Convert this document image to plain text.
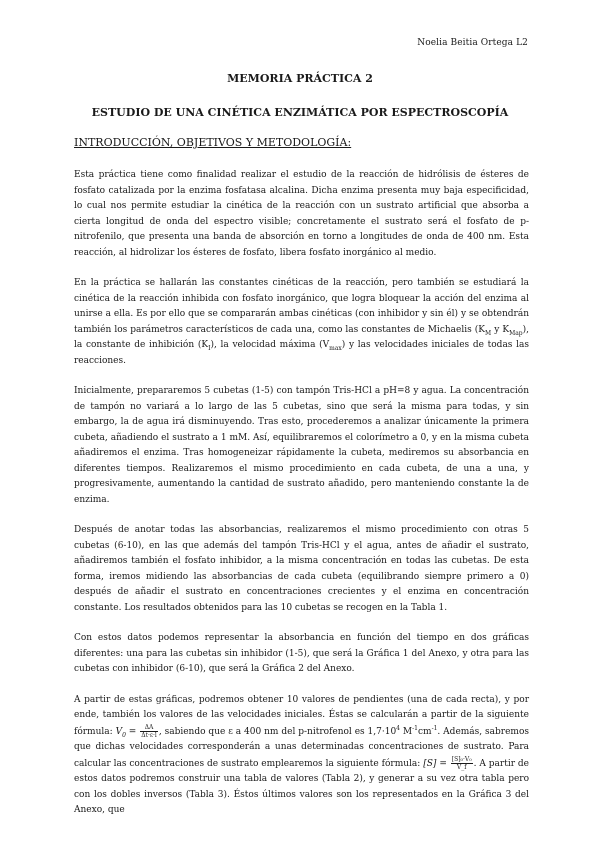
Noelia Beitia Ortega L2
MEMORIA PRÁCTICA 2
ESTUDIO DE UNA CINÉTICA ENZIMÁTICA POR ESPECTROSCOPÍA
INTRODUCCIÓN, OBJETIVOS Y METODOLOGÍA:

Esta práctica tiene como finalidad realizar el estudio de la reacción de hidrólisis de ésteres de fosfato catalizada por la enzima fosfatasa alcalina. Dicha enzima presenta muy baja especificidad, lo cual nos permite estudiar la cinética de la reacción con un sustrato artificial que absorba a cierta longitud de onda del espectro visible; concretamente el sustrato será el fosfato de p-nitrofenilo, que presenta una banda de absorción en torno a longitudes de onda de 400 nm. Esta reacción, al hidrolizar los ésteres de fosfato, libera fosfato inorgánico al medio.

En la práctica se hallarán las constantes cinéticas de la reacción, pero también se estudiará la cinética de la reacción inhibida con fosfato inorgánico, que logra bloquear la acción del enzima al unirse a ella. Es por ello que se compararán ambas cinéticas (con inhibidor y sin él) y se obtendrán también los parámetros característicos de cada una, como las constantes de Michaelis ($K_M$ y $K_{Map}$), la constante de inhibición $(K_I)$, la velocidad máxima $(V_{max})$ y las velocidades iniciales de todas las reacciones.

Inicialmente, prepararemos 5 cubetas (1-5) con tampón Tris-HCl a pH=8 y agua. La concentración de tampón no variará a lo largo de las 5 cubetas, sino que será la misma para todas, y sin embargo, la de agua irá disminuyendo. Tras esto, procederemos a analizar únicamente la primera cubeta, añadiendo el sustrato a 1 mM. Así, equilibraremos el colorímetro a 0, y en la misma cubeta añadiremos el enzima. Tras homogeneizar rápidamente la cubeta, mediremos su absorbancia en diferentes tiempos. Realizaremos el mismo procedimiento en cada cubeta, de una a una, y progresivamente, aumentando la cantidad de sustrato añadido, pero manteniendo constante la de enzima.

Después de anotar todas las absorbancias, realizaremos el mismo procedimiento con otras 5 cubetas (6-10), en las que además del tampón Tris-HCl y el agua, antes de añadir el sustrato, añadiremos también el fosfato inhibidor, a la misma concentración en todas las cubetas. De esta forma, iremos midiendo las absorbancias de cada cubeta (equilibrando siempre primero a 0) después de añadir el sustrato en concentraciones crecientes y el enzima en concentración constante. Los resultados obtenidos para las 10 cubetas se recogen en la Tabla 1.

Con estos datos podemos representar la absorbancia en función del tiempo en dos gráficas diferentes: una para las cubetas sin inhibidor (1-5), que será la Gráfica 1 del Anexo, y otra para las cubetas con inhibidor (6-10), que será la Gráfica 2 del Anexo.

A partir de estas gráficas, podremos obtener 10 valores de pendientes (una de cada recta), y por ende, también los valores de las velocidades iniciales. Éstas se calcularán a partir de la siguiente fórmula: $V_0 = \frac{\Delta A}{\Delta t\cdot\varepsilon\cdot l}$ , sabiendo que ε a 400 nm del p-nitrofenol es $1,7\cdot 10^4$ $M^{-1}cm^{-1}$. Además, sabremos que dichas velocidades corresponderán a unas determinadas concentraciones de sustrato. Para calcular las concentraciones de sustrato emplearemos la siguiente fórmula: $[S] = \frac{\text{[S]₀·V₀}}{V\_f}$ . A partir de estos datos podremos construir una tabla de valores (Tabla 2), y generar a su vez otra tabla pero con los dobles inversos (Tabla 3). Éstos últimos valores son los representados en la Gráfica 3 del Anexo, que
